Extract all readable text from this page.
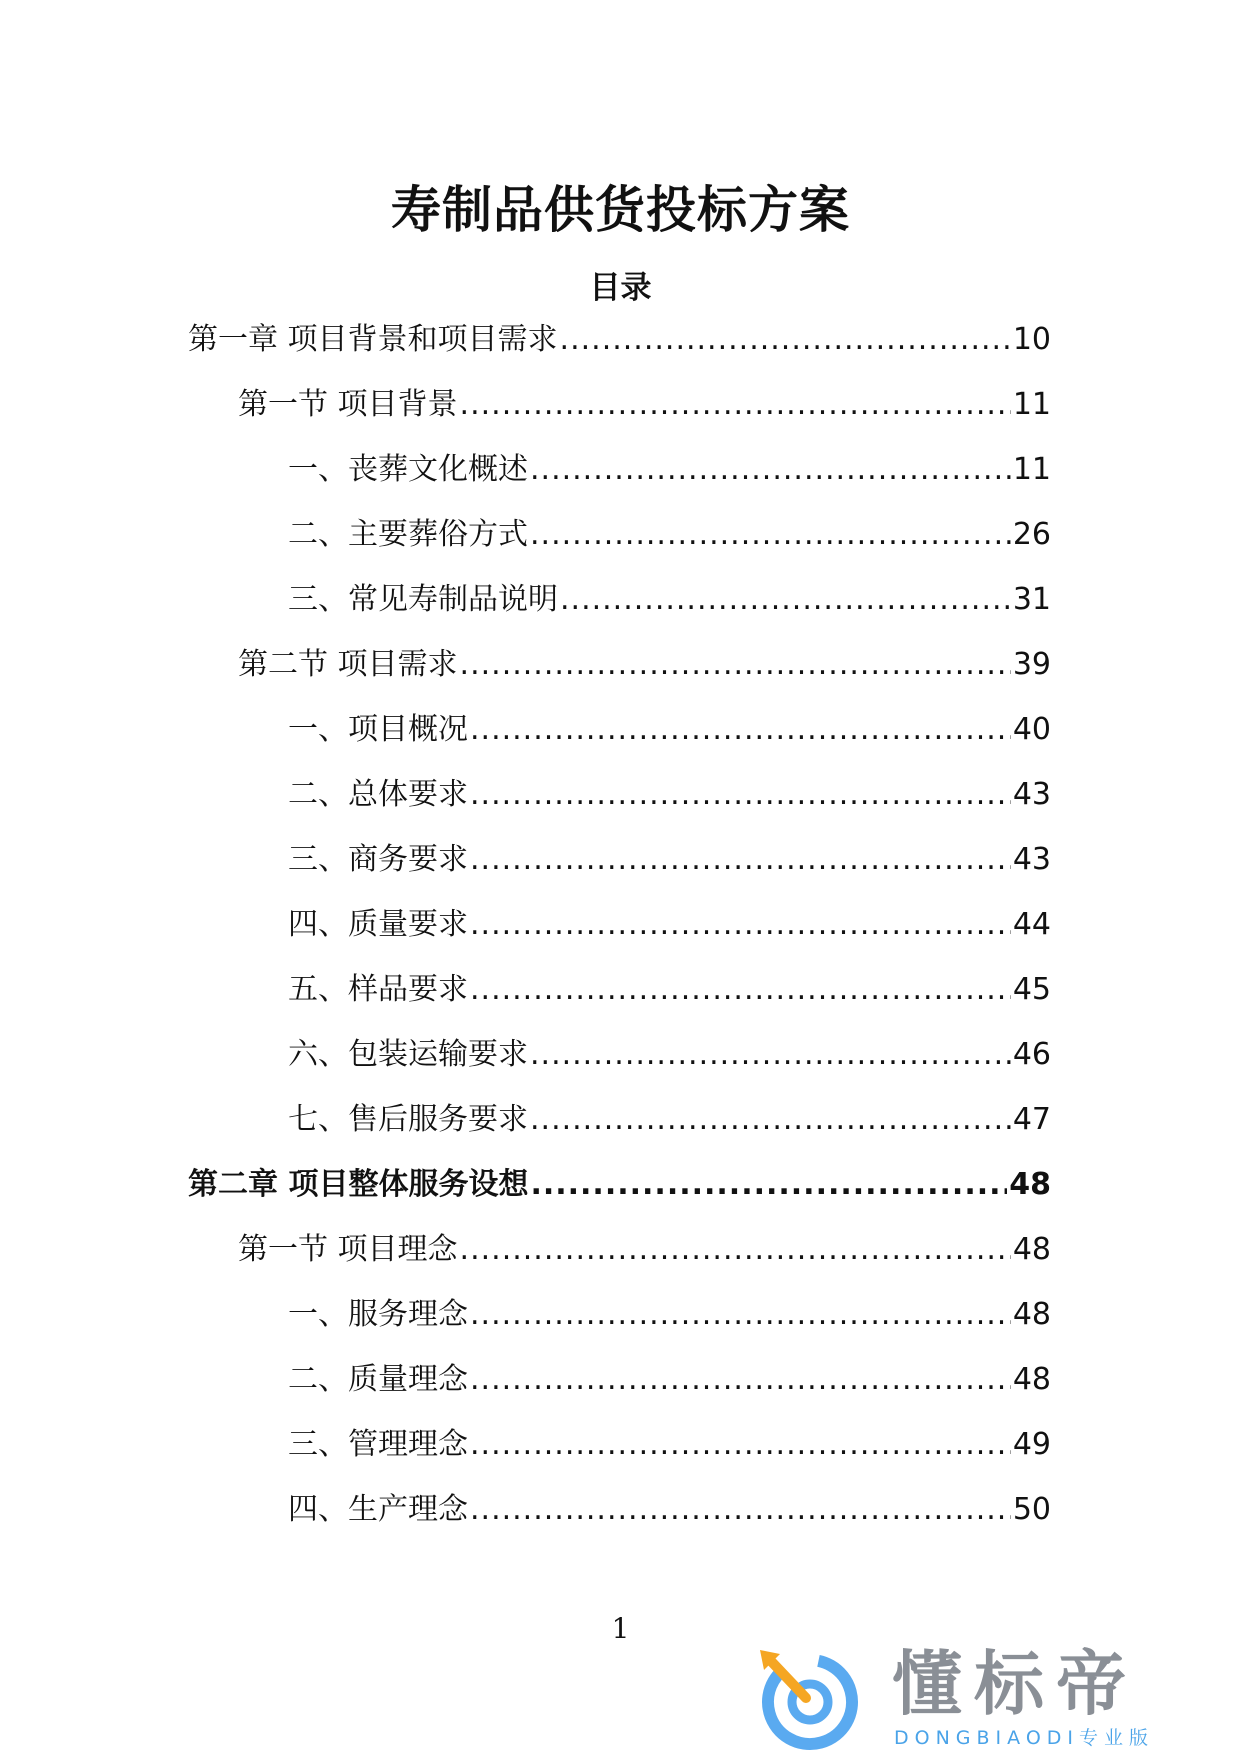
寿制品供货投标方案
目录
第一章 项目背景和项目需求 .....	10
第一节 项目背景 .....	11
一、丧葬文化概述 .....	11
二、主要葬俗方式 .....	26
三、常见寿制品说明 .....	31
第二节 项目需求 .....	39
一、项目概况 .....	40
二、总体要求 .....	43
三、商务要求 .....	43
四、质量要求 .....	44
五、样品要求 .....	45
六、包装运输要求 .....	46
七、售后服务要求 .....	47
第二章 项目整体服务设想 .....	48
第一节 项目理念 .....	48
一、服务理念 .....	48
二、质量理念 .....	48
三、管理理念 .....	49
四、生产理念 .....	50
1
懂标帝
DONGBIAODI专业版
